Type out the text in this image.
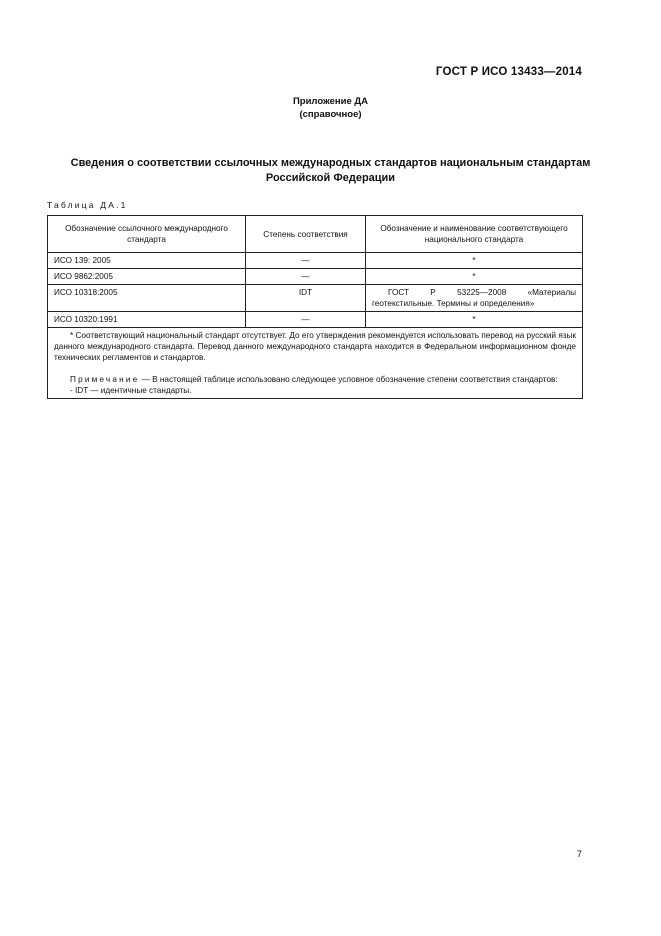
ГОСТ Р ИСО 13433—2014
Приложение ДА
(справочное)
Сведения о соответствии ссылочных международных стандартов национальным стандартам Российской Федерации
Таблица ДА.1
Обозначение ссылочного международного стандарта	Степень соответствия	Обозначение и наименование соответствующего национального стандарта
ИСО 139: 2005	—	*
ИСО 9862:2005	—	*
ИСО 10318:2005	IDT	ГОСТ Р 53225—2008 «Материалы геотекстильные. Термины и определения»
ИСО 10320:1991	—	*

* Соответствующий национальный стандарт отсутствует. До его утверждения рекомендуется использовать перевод на русский язык данного международного стандарта. Перевод данного международного стандарта находится в Федеральном информационном фонде технических регламентов и стандартов.

Примечание — В настоящей таблице использовано следующее условное обозначение степени соответствия стандартов:

- IDT — идентичные стандарты.		

7
